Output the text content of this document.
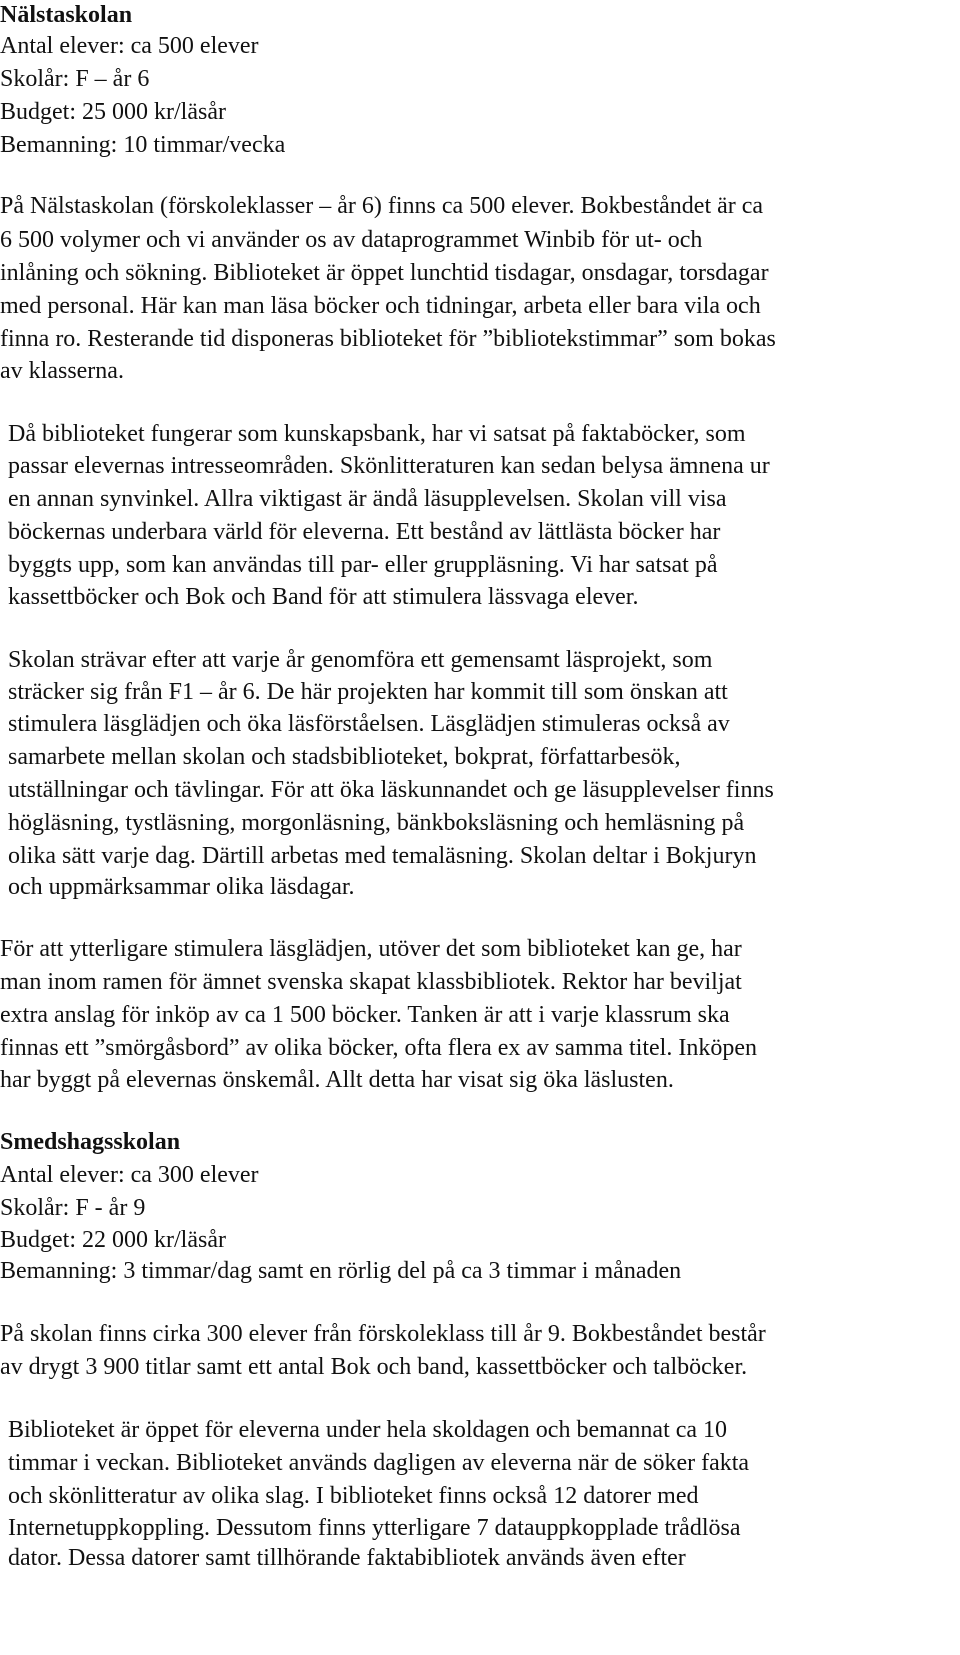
Nälstaskolan
Antal elever: ca 500 elever
Skolår: F – år 6
Budget: 25 000 kr/läsår
Bemanning: 10 timmar/vecka
På Nälstaskolan (förskoleklasser – år 6) finns ca 500 elever. Bokbeståndet är ca
6 500 volymer och vi använder os av dataprogrammet Winbib för ut- och
inlåning och sökning. Biblioteket är öppet lunchtid tisdagar, onsdagar, torsdagar
med personal. Här kan man läsa böcker och tidningar, arbeta eller bara vila och
finna ro. Resterande tid disponeras biblioteket för ”bibliotekstimmar” som bokas
av klasserna.
Då biblioteket fungerar som kunskapsbank, har vi satsat på faktaböcker, som
passar elevernas intresseområden. Skönlitteraturen kan sedan belysa ämnena ur
en annan synvinkel. Allra viktigast är ändå läsupplevelsen. Skolan vill visa
böckernas underbara värld för eleverna. Ett bestånd av lättlästa böcker har
byggts upp, som kan användas till par- eller gruppläsning. Vi har satsat på
kassettböcker och Bok och Band för att stimulera lässvaga elever.
Skolan strävar efter att varje år genomföra ett gemensamt läsprojekt, som
sträcker sig från F1 – år 6. De här projekten har kommit till som önskan att
stimulera läsglädjen och öka läsförståelsen. Läsglädjen stimuleras också av
samarbete mellan skolan och stadsbiblioteket, bokprat, författarbesök,
utställningar och tävlingar. För att öka läskunnandet och ge läsupplevelser finns
högläsning, tystläsning, morgonläsning, bänkboksläsning och hemläsning på
olika sätt varje dag. Därtill arbetas med temaläsning. Skolan deltar i Bokjuryn
och uppmärksammar olika läsdagar.
För att ytterligare stimulera läsglädjen, utöver det som biblioteket kan ge, har
man inom ramen för ämnet svenska skapat klassbibliotek. Rektor har beviljat
extra anslag för inköp av ca 1 500 böcker. Tanken är att i varje klassrum ska
finnas ett ”smörgåsbord” av olika böcker, ofta flera ex av samma titel. Inköpen
har byggt på elevernas önskemål. Allt detta har visat sig öka läslusten.
Smedshagsskolan
Antal elever: ca 300 elever
Skolår: F - år 9
Budget: 22 000 kr/läsår
Bemanning: 3 timmar/dag samt en rörlig del på ca 3 timmar i månaden
På skolan finns cirka 300 elever från förskoleklass till år 9. Bokbeståndet består
av drygt 3 900 titlar samt ett antal Bok och band, kassettböcker och talböcker.
Biblioteket är öppet för eleverna under hela skoldagen och bemannat ca 10
timmar i veckan. Biblioteket används dagligen av eleverna när de söker fakta
och skönlitteratur av olika slag. I biblioteket finns också 12 datorer med
Internetuppkoppling. Dessutom finns ytterligare 7 datauppkopplade trådlösa
dator. Dessa datorer samt tillhörande faktabibliotek används även efter
